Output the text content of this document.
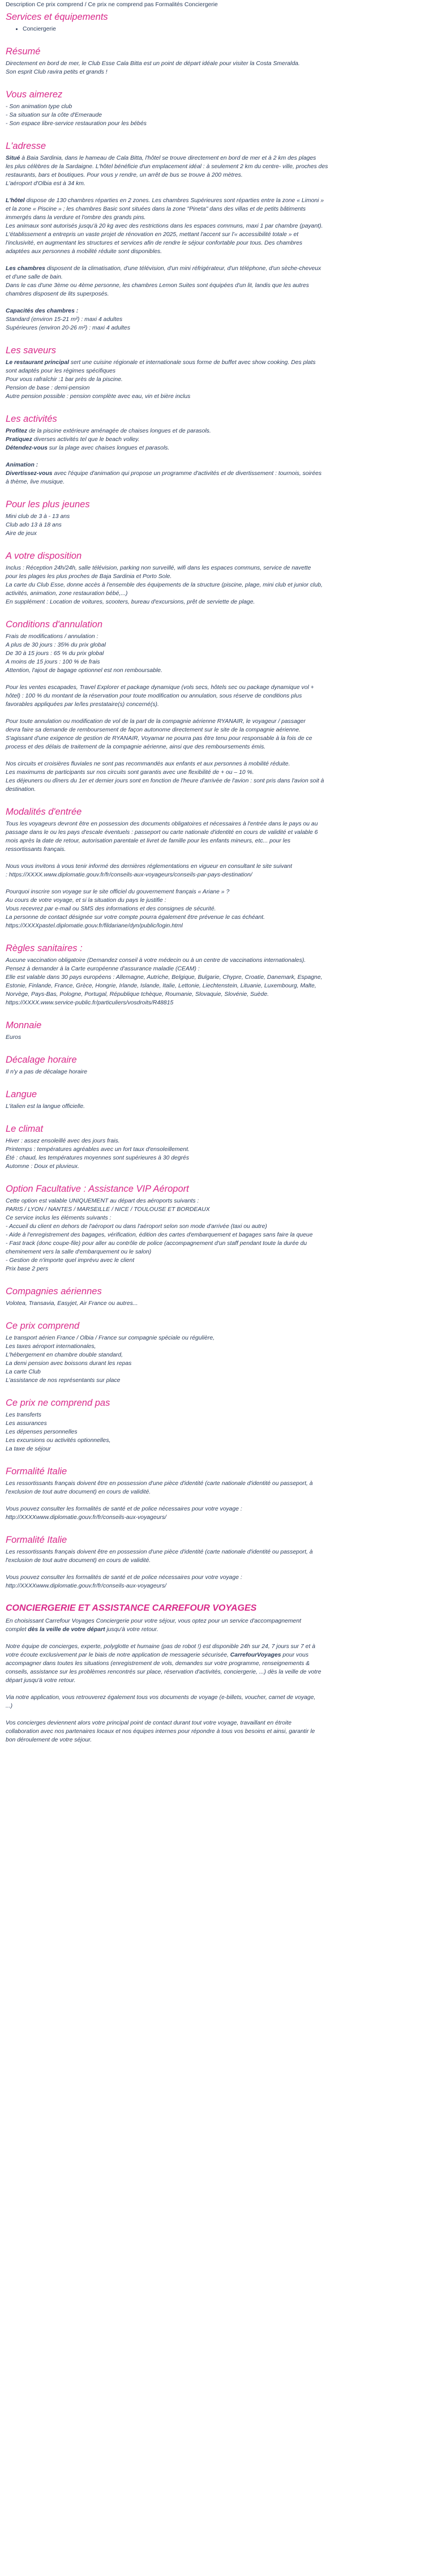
Description Ce prix comprend / Ce prix ne comprend pas Formalités Conciergerie
Services et équipements
• Conciergerie
Résumé
Directement en bord de mer, le Club Esse Cala Bitta est un point de départ idéale pour visiter la Costa Smeralda.
Son esprit Club ravira petits et grands !
Vous aimerez
- Son animation type club
- Sa situation sur la côte d'Emeraude
- Son espace libre-service restauration pour les bébés
L'adresse
Situé à Baia Sardinia, dans le hameau de Cala Bitta, l'hôtel se trouve directement en bord de mer et à 2 km des plages
les plus célèbres de la Sardaigne. L'hôtel bénéficie d'un emplacement idéal : à seulement 2 km du centre- ville, proches des
restaurants, bars et boutiques. Pour vous y rendre, un arrêt de bus se trouve à 200 mètres.
L'aéroport d'Olbia est à 34 km.
L'hôtel dispose de 130 chambres réparties en 2 zones. Les chambres Supérieures sont réparties entre la zone « Limoni »
et la zone « Piscine » ; les chambres Basic sont situées dans la zone "Pineta" dans des villas et de petits bâtiments
immergés dans la verdure et l'ombre des grands pins.
Les animaux sont autorisés jusqu'à 20 kg avec des restrictions dans les espaces communs, maxi 1 par chambre (payant).
L'établissement a entrepris un vaste projet de rénovation en 2025, mettant l'accent sur l'« accessibilité totale » et
l'inclusivité, en augmentant les structures et services afin de rendre le séjour confortable pour tous. Des chambres
adaptées aux personnes à mobilité réduite sont disponibles.
Les chambres disposent de la climatisation, d'une télévision, d'un mini réfrigérateur, d'un téléphone, d'un sèche-cheveux
et d'une salle de bain.
Dans le cas d'une 3ème ou 4ème personne, les chambres Lemon Suites sont équipées d'un lit, landis que les autres
chambres disposent de lits superposés.
Capacités des chambres :
Standard (environ 15-21 m²) : maxi 4 adultes
Supérieures (environ 20-26 m²) : maxi 4 adultes
Les saveurs
Le restaurant principal sert une cuisine régionale et internationale sous forme de buffet avec show cooking. Des plats
sont adaptés pour les régimes spécifiques
Pour vous rafraîchir :1 bar près de la piscine.
Pension de base : demi-pension
Autre pension possible : pension complète avec eau, vin et bière inclus
Les activités
Profitez de la piscine extérieure aménagée de chaises longues et de parasols.
Pratiquez diverses activités tel que le beach volley.
Détendez-vous sur la plage avec chaises longues et parasols.
Animation :
Divertissez-vous avec l'équipe d'animation qui propose un programme d'activités et de divertissement : tournois, soirées
à thème, live musique.
Pour les plus jeunes
Mini club de 3 à - 13 ans
Club ado 13 à 18 ans
Aire de jeux
A votre disposition
Inclus : Réception 24h/24h, salle télévision, parking non surveillé, wifi dans les espaces communs, service de navette
pour les plages les plus proches de Baja Sardinia et Porto Sole.
La carte du Club Esse, donne accès à l'ensemble des équipements de la structure (piscine, plage, mini club et junior club,
activités, animation, zone restauration bébé,...)
En supplément : Location de voitures, scooters, bureau d'excursions, prêt de serviette de plage.
Conditions d'annulation
Frais de modifications / annulation :
A plus de 30 jours : 35% du prix global
De 30 à 15 jours : 65 % du prix global
A moins de 15 jours : 100 % de frais
Attention, l'ajout de bagage optionnel est non remboursable.
Pour les ventes escapades, Travel Explorer et package dynamique (vols secs, hôtels sec ou package dynamique vol +
hôtel) : 100 % du montant de la réservation pour toute modification ou annulation, sous réserve de conditions plus
favorables appliquées par le/les prestataire(s) concerné(s).
Pour toute annulation ou modification de vol de la part de la compagnie aérienne RYANAIR, le voyageur / passager
devra faire sa demande de remboursement de façon autonome directement sur le site de la compagnie aérienne.
S'agissant d'une exigence de gestion de RYANAIR, Voyamar ne pourra pas être tenu pour responsable à la fois de ce
process et des délais de traitement de la compagnie aérienne, ainsi que des remboursements émis.
Nos circuits et croisières fluviales ne sont pas recommandés aux enfants et aux personnes à mobilité réduite.
Les maximums de participants sur nos circuits sont garantis avec une flexibilité de + ou – 10 %.
Les déjeuners ou dîners du 1er et dernier jours sont en fonction de l'heure d'arrivée de l'avion : sont pris dans l'avion soit à
destination.
Modalités d'entrée
Tous les voyageurs devront être en possession des documents obligatoires et nécessaires à l'entrée dans le pays ou au
passage dans le ou les pays d'escale éventuels : passeport ou carte nationale d'identité en cours de validité et valable 6
mois après la date de retour, autorisation parentale et livret de famille pour les enfants mineurs, etc... pour les
ressortissants français.
Nous vous invitons à vous tenir informé des dernières réglementations en vigueur en consultant le site suivant
: https://XXXX.www.diplomatie.gouv.fr/fr/conseils-aux-voyageurs/conseils-par-pays-destination/
Pourquoi inscrire son voyage sur le site officiel du gouvernement français « Ariane » ?
Au cours de votre voyage, et si la situation du pays le justifie :
Vous recevrez par e-mail ou SMS des informations et des consignes de sécurité.
La personne de contact désignée sur votre compte pourra également être prévenue le cas échéant.
https://XXXXpastel.diplomatie.gouv.fr/fildariane/dyn/public/login.html
Règles sanitaires :
Aucune vaccination obligatoire (Demandez conseil à votre médecin ou à un centre de vaccinations internationales).
Pensez à demander à la Carte européenne d'assurance maladie (CEAM) :
Elle est valable dans 30 pays européens : Allemagne, Autriche, Belgique, Bulgarie, Chypre, Croatie, Danemark, Espagne,
Estonie, Finlande, France, Grèce, Hongrie, Irlande, Islande, Italie, Lettonie, Liechtenstein, Lituanie, Luxembourg, Malte,
Norvège, Pays-Bas, Pologne, Portugal, République tchèque, Roumanie, Slovaquie, Slovénie, Suède.
https://XXXX.www.service-public.fr/particuliers/vosdroits/R48815
Monnaie
Euros
Décalage horaire
Il n'y a pas de décalage horaire
Langue
L'italien est la langue officielle.
Le climat
Hiver : assez ensoleillé avec des jours frais.
Printemps : températures agréables avec un fort taux d'ensoleillement.
Été : chaud, les températures moyennes sont supérieures à 30 degrés
Automne : Doux et pluvieux.
Option Facultative : Assistance VIP Aéroport
Cette option est valable UNIQUEMENT au départ des aéroports suivants :
PARIS / LYON / NANTES / MARSEILLE / NICE / TOULOUSE ET BORDEAUX
Ce service inclus les éléments suivants :
- Accueil du client en dehors de l'aéroport ou dans l'aéroport selon son mode d'arrivée (taxi ou autre)
- Aide à l'enregistrement des bagages, vérification, édition des cartes d'embarquement et bagages sans faire la queue
- Fast track (donc coupe-file) pour aller au contrôle de police (accompagnement d'un staff pendant toute la durée du
cheminement vers la salle d'embarquement ou le salon)
- Gestion de n'importe quel imprévu avec le client
Prix base 2 pers
Compagnies aériennes
Volotea, Transavia, Easyjet, Air France ou autres...
Ce prix comprend
Le transport aérien France / Olbia / France sur compagnie spéciale ou régulière,
Les taxes aéroport internationales,
L'hébergement en chambre double standard,
La demi pension avec boissons durant les repas
La carte Club
L'assistance de nos représentants sur place
Ce prix ne comprend pas
Les transferts
Les assurances
Les dépenses personnelles
Les excursions ou activités optionnelles,
La taxe de séjour
Formalité Italie
Les ressortissants français doivent être en possession d'une pièce d'identité (carte nationale d'identité ou passeport, à
l'exclusion de tout autre document) en cours de validité.
Vous pouvez consulter les formalités de santé et de police nécessaires pour votre voyage :
http://XXXXwww.diplomatie.gouv.fr/fr/conseils-aux-voyageurs/
Formalité Italie
Les ressortissants français doivent être en possession d'une pièce d'identité (carte nationale d'identité ou passeport, à
l'exclusion de tout autre document) en cours de validité.
Vous pouvez consulter les formalités de santé et de police nécessaires pour votre voyage :
http://XXXXwww.diplomatie.gouv.fr/fr/conseils-aux-voyageurs/
CONCIERGERIE ET ASSISTANCE CARREFOUR VOYAGES
En choisissant Carrefour Voyages Conciergerie pour votre séjour, vous optez pour un service d'accompagnement
complet dès la veille de votre départ jusqu'à votre retour.
Notre équipe de concierges, experte, polyglotte et humaine (pas de robot !) est disponible 24h sur 24, 7 jours sur 7 et à
votre écoute exclusivement par le biais de notre application de messagerie sécurisée, CarrefourVoyages pour vous
accompagner dans toutes les situations (enregistrement de vols, demandes sur votre programme, renseignements &
conseils, assistance sur les problèmes rencontrés sur place, réservation d'activités, conciergerie, ...) dès la veille de votre
départ jusqu'à votre retour.
Via notre application, vous retrouverez également tous vos documents de voyage (e-billets, voucher, carnet de voyage,
...)
Vos concierges deviennent alors votre principal point de contact durant tout votre voyage, travaillant en étroite
collaboration avec nos partenaires locaux et nos équipes internes pour répondre à tous vos besoins et ainsi, garantir le
bon déroulement de votre séjour.
